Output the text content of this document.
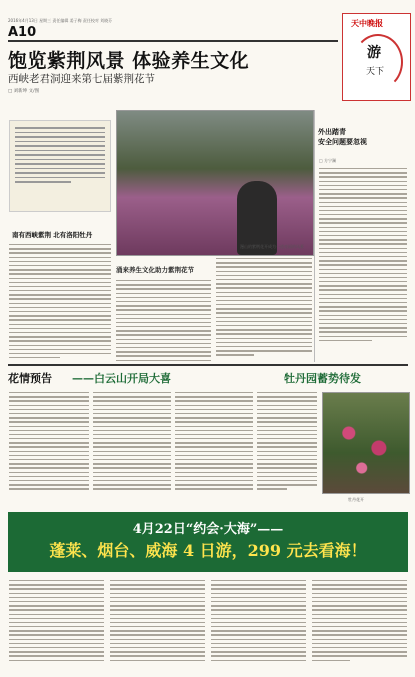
2016年4月13日 星期三 责任编辑 姜子梅 责任校对 刘晓芬
A10
天中晚报
游
天下
饱览紫荆风景 体验养生文化
西峡老君洞迎来第七届紫荆花节
□ 刘新坤 文/图
南有西峡紫荆 北有洛阳牡丹
漫山的紫荆花开成为一道亮丽的风景
涌来养生文化助力紫荆花节
外出踏青
安全问题要忽视
□ 方宁澜
花情预告 ——白云山开局大喜	牡丹园蓄势待发
牡丹花开
4月22日“约会·大海”——
蓬莱、烟台、威海 4 日游，299 元去看海！
